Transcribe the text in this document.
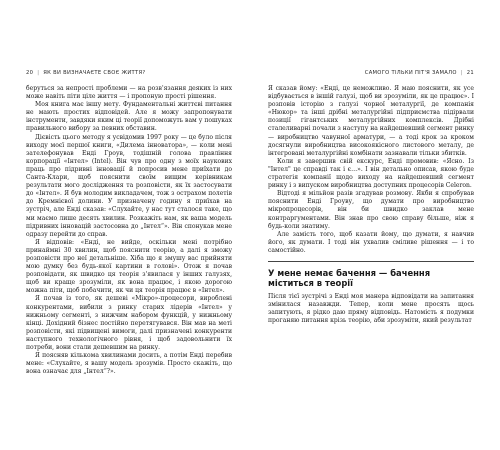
20 | ЯК ВИ ВИЗНАЧАЄТЕ СВОЄ ЖИТТЯ?

беруться за непрості проблеми — на розв'язання деяких із них може навіть піти ціле життя — і пропоную прості рішення.

Моя книга має іншу мету. Фундаментальні життєві питання не мають простих відповідей. Але я можу запропонувати інструменти, завдяки яким ці теорії допоможуть вам у пошуках правильного вибору за певних обставин.

Дієвість цього методу я усвідомив 1997 року — це було після виходу моєї першої книги, «Дилема інноватора», — коли мені зателефонував Енді Гроув, тодішній голова правління корпорації «Інтел» (Intel). Він чув про одну з моїх наукових праць про підривні інновації й попросив мене приїхати до Санта-Клари, щоб пояснити своїм вищим керівникам результати мого дослідження та розповісти, як їх застосувати до «Інтел». Я був молодим викладачем, тож з острахом полетів до Кремнієвої долини. У призначену годину я приїхав на зустріч, але Енді сказав: «Слухайте, у нас тут сталося таке, що ми маємо лише десять хвилин. Розкажіть нам, як ваша модель підривних інновацій застосовна до „Інтел“». Він спонукав мене одразу перейти до справ.

Я відповів: «Енді, не вийде, оскільки мені потрібно принаймні 30 хвилин, щоб пояснити теорію, а далі я зможу розповісти про неї детальніше. Хіба що я змушу вас прийняти мою думку без будь-якої картини в голові». Отож я почав розповідати, як швидко ця теорія з'явилася у інших галузях, щоб ви краще зрозуміли, як вона працює, і якою дорогою можна піти, щоб побачити, як чи ця теорія працює в «Інтел».

Я почав із того, як дешеві «Мікро»-процесори, вироблені конкурентами, вибили з ринку старих лідерів «Інтел» у нижньому сегменті, з нижчим набором функцій, у нижньому кінці. Дохідний бізнес постійно перетягувався. Він мав на меті розповісти, які підвищені вимоги, далі призначені конкуренти наступного технологічного рівня, і щоб задовольнити їх потреби, вони стали дешевшим на ринку.

Я поясняв кількома хвилинами досить, а потім Енді перебив мене: «Слухайте, я вашу модель зрозумів. Просто скажіть, що вона означає для „Інтел“?».

САМОГО ТІЛЬКИ ПІТ'Я ЗАМАЛО | 21

Я сказав йому: «Енді, це неможливо. Я маю пояснити, як усе відбувається в іншій галузі, щоб ви зрозуміли, як це працює». І розповів історію з галузі чорної металургії, де компанія «Нюкор» та інші дрібні металургійні підприємства підірвали позиції гігантських металургійних комплексів. Дрібні сталеливарні почали з наступу на найдешевший сегмент ринку — виробництво чавунної арматури, — а тоді крок за кроком досягнули виробництва високоякісного листового металу, де інтегровані металургійні комбінати зазнавали тільки збитків.

Коли я завершив свій екскурс, Енді промовив: «Ясно. Із "Інтел" це справді так і є…». І він детально описав, якою буде стратегія компанії щодо виходу на найдешевший сегмент ринку і з випуском виробництва доступних процесорів Celeron.

Відтоді я мільйон разів згадував розмову. Якби я спробував пояснити Енді Гроуву, що думати про виробництво мікропроцесорів, він би швидко заклав мене контраргументами. Він знав про свою справу більше, ніж я будь-коли знатиму.

Але замість того, щоб казати йому, що думати, я навчив його, як думати. І тоді він ухвалив сміливе рішення — і то самостійно.

У мене немає бачення — бачення міститься в теорії

Після тієї зустрічі з Енді моя манера відповідати на запитання змінилася назавжди. Тепер, коли мене просять щось запитують, я рідко даю пряму відповідь. Натомість я подумки проганяю питання крізь теорію, аби зрозуміти, який результат
